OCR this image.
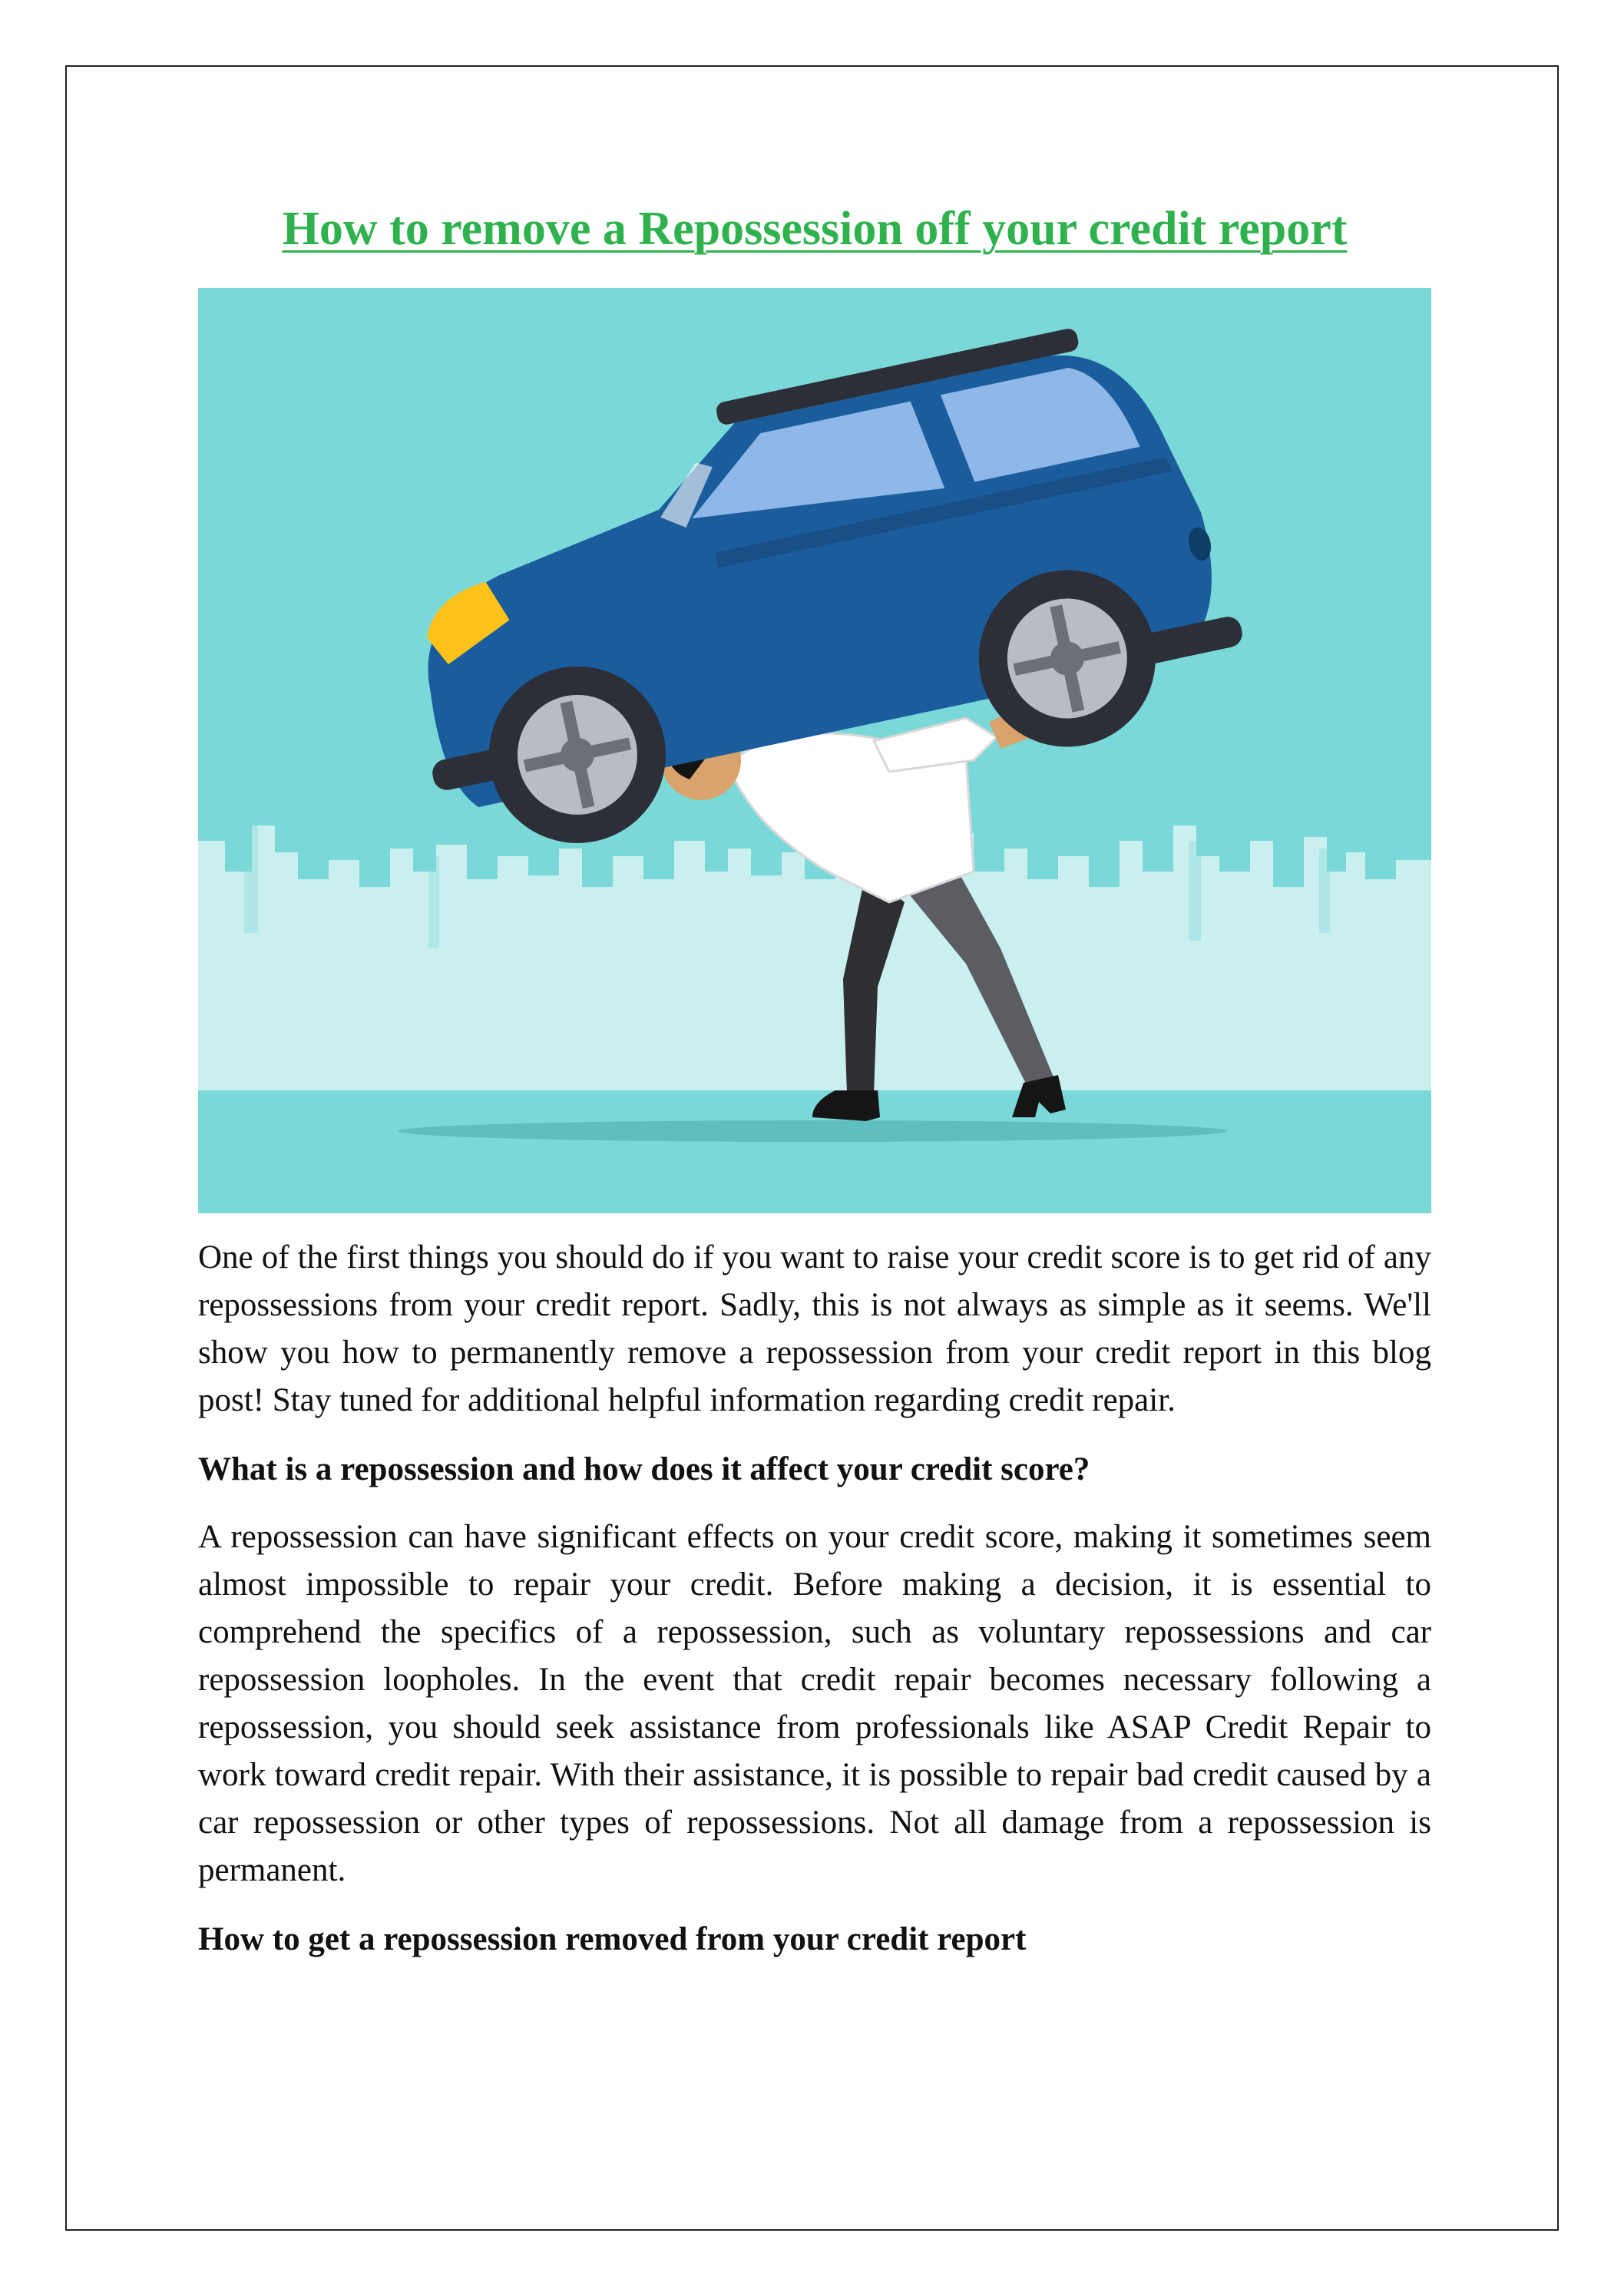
How to remove a Repossession off your credit report

One of the first things you should do if you want to raise your credit score is to get rid of any repossessions from your credit report. Sadly, this is not always as simple as it seems. We'll show you how to permanently remove a repossession from your credit report in this blog post! Stay tuned for additional helpful information regarding credit repair.

What is a repossession and how does it affect your credit score?

A repossession can have significant effects on your credit score, making it sometimes seem almost impossible to repair your credit. Before making a decision, it is essential to comprehend the specifics of a repossession, such as voluntary repossessions and car repossession loopholes. In the event that credit repair becomes necessary following a repossession, you should seek assistance from professionals like ASAP Credit Repair to work toward credit repair. With their assistance, it is possible to repair bad credit caused by a car repossession or other types of repossessions. Not all damage from a repossession is permanent.

How to get a repossession removed from your credit report
